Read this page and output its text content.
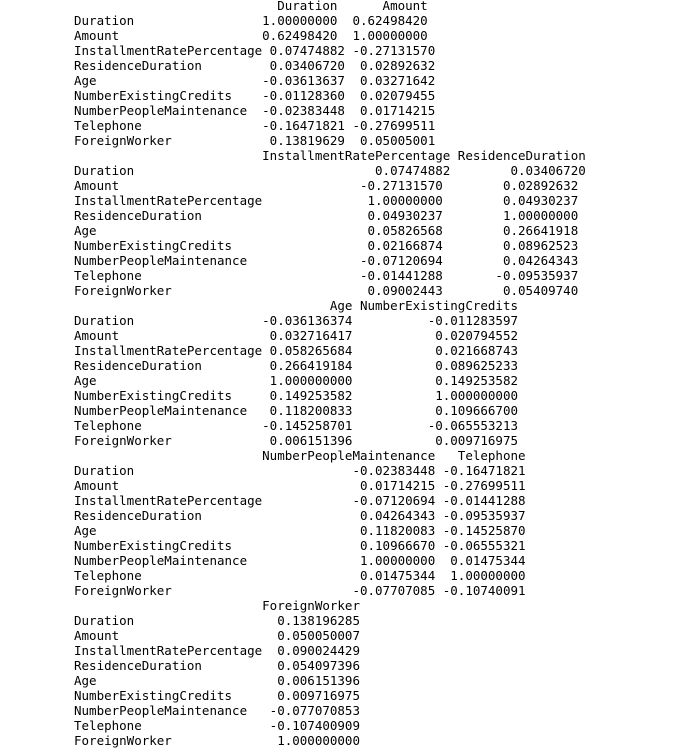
Duration      Amount
Duration                 1.00000000  0.62498420
Amount                   0.62498420  1.00000000
InstallmentRatePercentage 0.07474882 -0.27131570
ResidenceDuration         0.03406720  0.02892632
Age                      -0.03613637  0.03271642
NumberExistingCredits    -0.01128360  0.02079455
NumberPeopleMaintenance  -0.02383448  0.01714215
Telephone                -0.16471821 -0.27699511
ForeignWorker             0.13819629  0.05005001
InstallmentRatePercentage ResidenceDuration
Duration                                0.07474882        0.03406720
Amount                                -0.27131570        0.02892632
InstallmentRatePercentage              1.00000000        0.04930237
ResidenceDuration                      0.04930237        1.00000000
Age                                    0.05826568        0.26641918
NumberExistingCredits                  0.02166874        0.08962523
NumberPeopleMaintenance               -0.07120694        0.04264343
Telephone                             -0.01441288       -0.09535937
ForeignWorker                          0.09002443        0.05409740
Age NumberExistingCredits
Duration                 -0.036136374          -0.011283597
Amount                    0.032716417           0.020794552
InstallmentRatePercentage 0.058265684           0.021668743
ResidenceDuration         0.266419184           0.089625233
Age                       1.000000000           0.149253582
NumberExistingCredits     0.149253582           1.000000000
NumberPeopleMaintenance   0.118200833           0.109666700
Telephone                -0.145258701          -0.065553213
ForeignWorker             0.006151396           0.009716975
NumberPeopleMaintenance   Telephone
Duration                             -0.02383448 -0.16471821
Amount                                0.01714215 -0.27699511
InstallmentRatePercentage            -0.07120694 -0.01441288
ResidenceDuration                     0.04264343 -0.09535937
Age                                   0.11820083 -0.14525870
NumberExistingCredits                 0.10966670 -0.06555321
NumberPeopleMaintenance               1.00000000  0.01475344
Telephone                             0.01475344  1.00000000
ForeignWorker                        -0.07707085 -0.10740091
ForeignWorker
Duration                   0.138196285
Amount                     0.050050007
InstallmentRatePercentage  0.090024429
ResidenceDuration          0.054097396
Age                        0.006151396
NumberExistingCredits      0.009716975
NumberPeopleMaintenance   -0.077070853
Telephone                 -0.107400909
ForeignWorker              1.000000000
